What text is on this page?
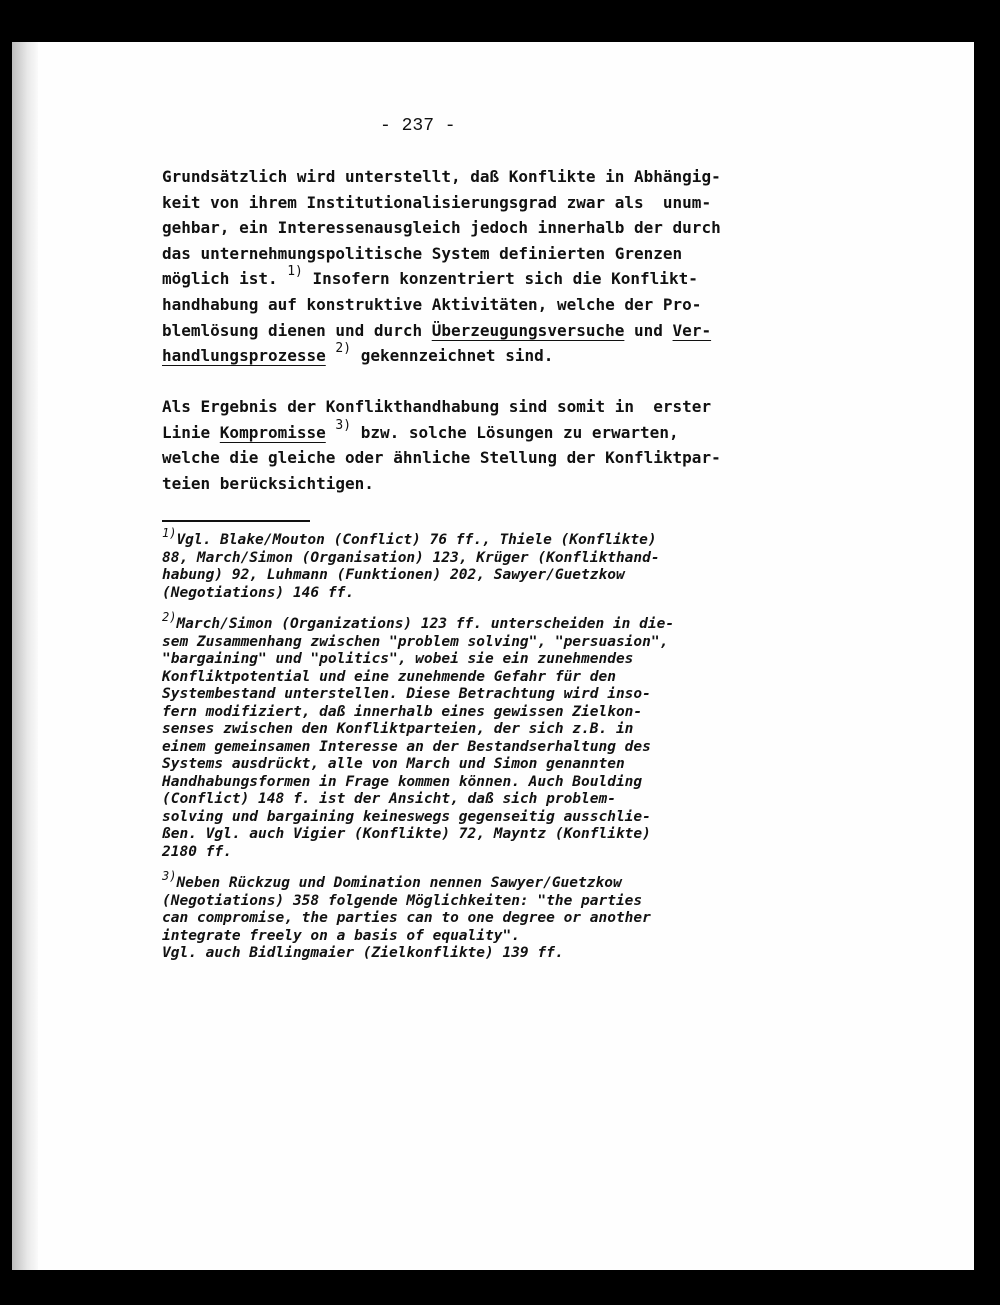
- 237 -

Grundsätzlich wird unterstellt, daß Konflikte in Abhängig-
keit von ihrem Institutionalisierungsgrad zwar als  unum-
gehbar, ein Interessenausgleich jedoch innerhalb der durch
das unternehmungspolitische System definierten Grenzen
möglich ist. $^{1)}$ Insofern konzentriert sich die Konflikt-
handhabung auf konstruktive Aktivitäten, welche der Pro-
blemlösung dienen und durch Überzeugungsversuche und Ver-
handlungsprozesse $^{2)}$ gekennzeichnet sind.

Als Ergebnis der Konflikthandhabung sind somit in  erster
Linie Kompromisse $^{3)}$ bzw. solche Lösungen zu erwarten,
welche die gleiche oder ähnliche Stellung der Konfliktpar-
teien berücksichtigen.

$^{1)}$Vgl. Blake/Mouton (Conflict) 76 ff., Thiele (Konflikte)
88, March/Simon (Organisation) 123, Krüger (Konflikthand-
habung) 92, Luhmann (Funktionen) 202, Sawyer/Guetzkow
(Negotiations) 146 ff.

$^{2)}$March/Simon (Organizations) 123 ff. unterscheiden in die-
sem Zusammenhang zwischen "problem solving", "persuasion",
"bargaining" und "politics", wobei sie ein zunehmendes
Konfliktpotential und eine zunehmende Gefahr für den
Systembestand unterstellen. Diese Betrachtung wird inso-
fern modifiziert, daß innerhalb eines gewissen Zielkon-
senses zwischen den Konfliktparteien, der sich z.B. in
einem gemeinsamen Interesse an der Bestandserhaltung des
Systems ausdrückt, alle von March und Simon genannten
Handhabungsformen in Frage kommen können. Auch Boulding
(Conflict) 148 f. ist der Ansicht, daß sich problem-
solving und bargaining keineswegs gegenseitig ausschlie-
ßen. Vgl. auch Vigier (Konflikte) 72, Mayntz (Konflikte)
2180 ff.

$^{3)}$Neben Rückzug und Domination nennen Sawyer/Guetzkow
(Negotiations) 358 folgende Möglichkeiten: "the parties
can compromise, the parties can to one degree or another
integrate freely on a basis of equality".
Vgl. auch Bidlingmaier (Zielkonflikte) 139 ff.
